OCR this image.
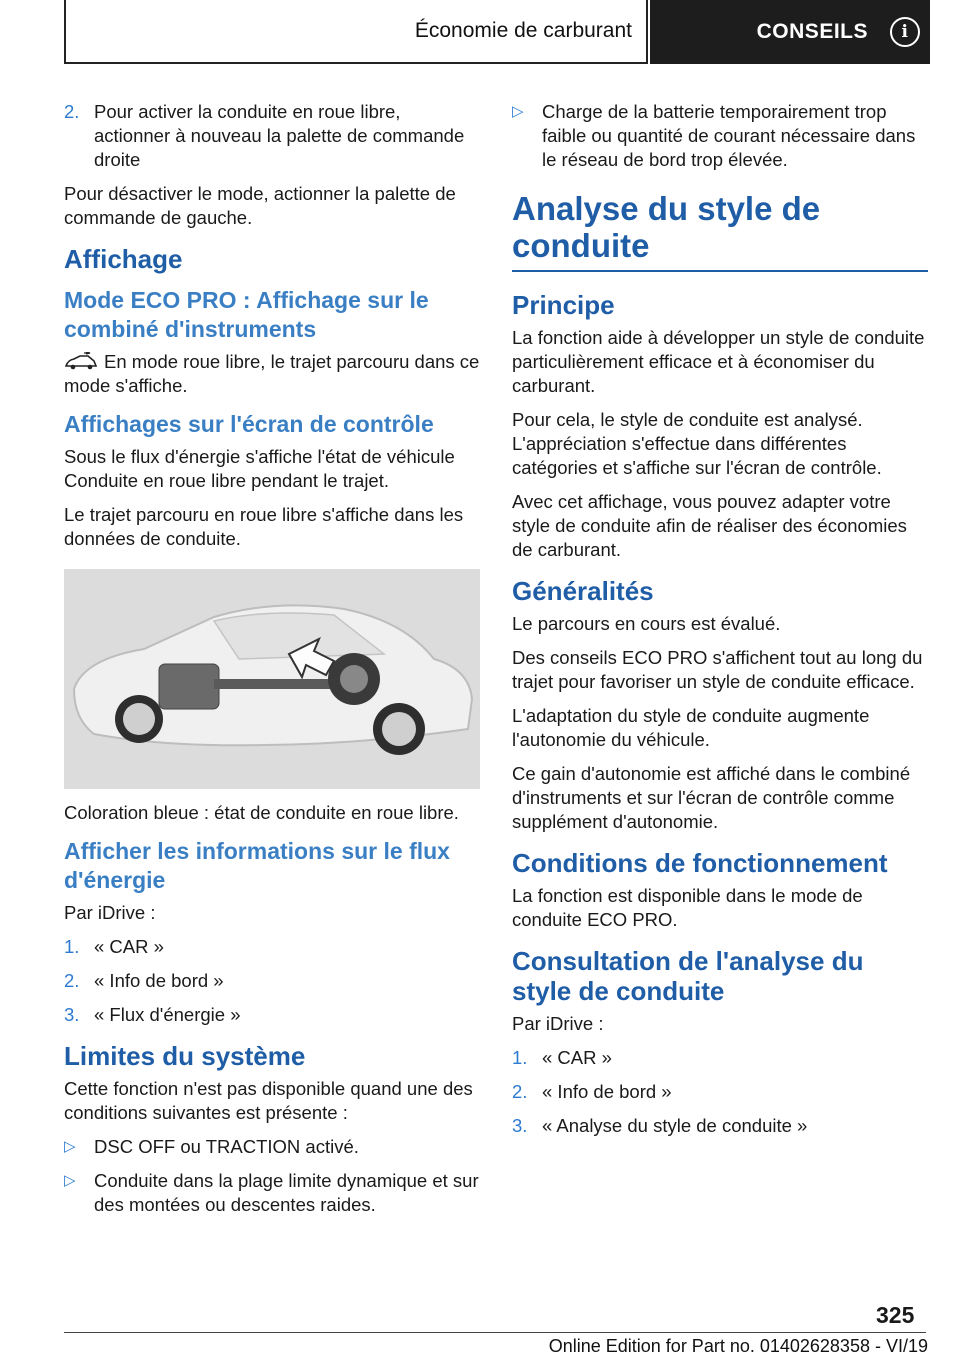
Économie de carburant	CONSEILS	i
2. Pour activer la conduite en roue libre, actionner à nouveau la palette de commande droite

Pour désactiver le mode, actionner la palette de commande de gauche.

Affichage
Mode ECO PRO : Affichage sur le combiné d'instruments

En mode roue libre, le trajet parcouru dans ce mode s'affiche.

Affichages sur l'écran de contrôle

Sous le flux d'énergie s'affiche l'état de véhicule Conduite en roue libre pendant le trajet.

Le trajet parcouru en roue libre s'affiche dans les données de conduite.

Coloration bleue : état de conduite en roue libre.

Afficher les informations sur le flux d'énergie

Par iDrive :

1. « CAR »
2. « Info de bord »
3. « Flux d'énergie »
Limites du système

Cette fonction n'est pas disponible quand une des conditions suivantes est présente :

▷ DSC OFF ou TRACTION activé.
▷ Conduite dans la plage limite dynamique et sur des montées ou descentes raides.
▷ Charge de la batterie temporairement trop faible ou quantité de courant nécessaire dans le réseau de bord trop élevée.
Analyse du style de conduite
Principe

La fonction aide à développer un style de conduite particulièrement efficace et à économiser du carburant.

Pour cela, le style de conduite est analysé. L'appréciation s'effectue dans différentes catégories et s'affiche sur l'écran de contrôle.

Avec cet affichage, vous pouvez adapter votre style de conduite afin de réaliser des économies de carburant.

Généralités

Le parcours en cours est évalué.

Des conseils ECO PRO s'affichent tout au long du trajet pour favoriser un style de conduite efficace.

L'adaptation du style de conduite augmente l'autonomie du véhicule.

Ce gain d'autonomie est affiché dans le combiné d'instruments et sur l'écran de contrôle comme supplément d'autonomie.

Conditions de fonctionnement

La fonction est disponible dans le mode de conduite ECO PRO.

Consultation de l'analyse du style de conduite

Par iDrive :

1. « CAR »
2. « Info de bord »
3. « Analyse du style de conduite »
325
Online Edition for Part no. 01402628358 - VI/19
